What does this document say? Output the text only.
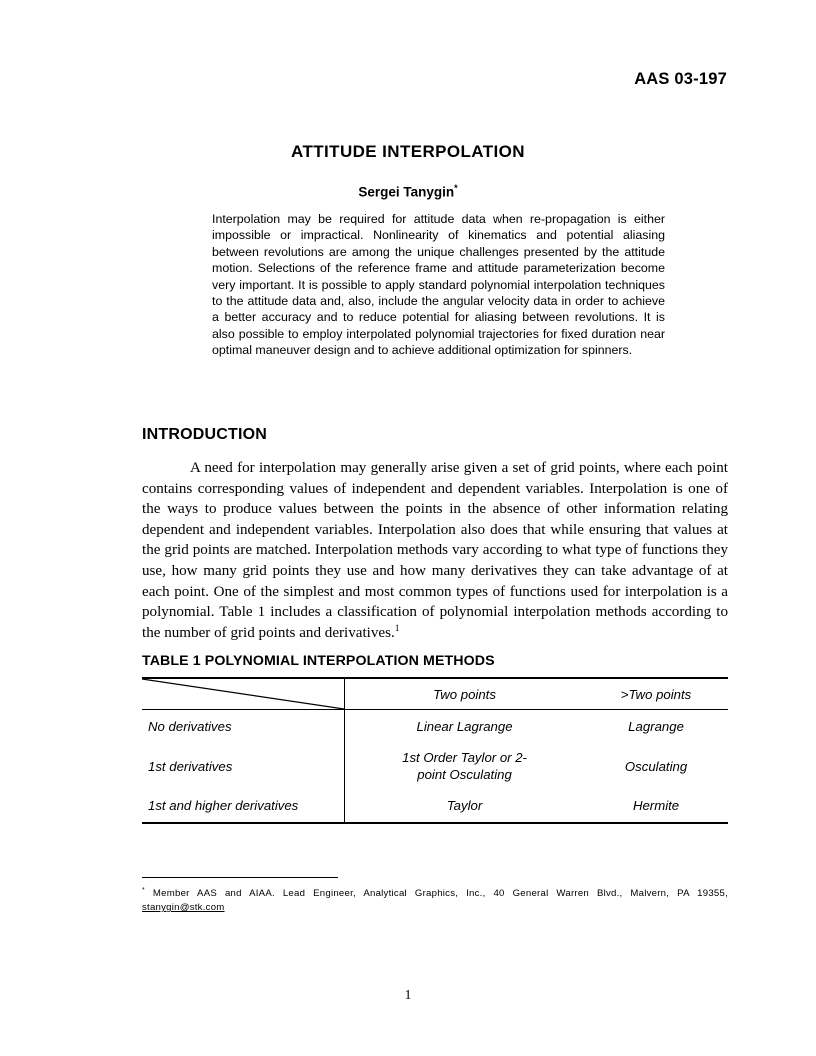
AAS 03-197
ATTITUDE INTERPOLATION
Sergei Tanygin*
Interpolation may be required for attitude data when re-propagation is either impossible or impractical. Nonlinearity of kinematics and potential aliasing between revolutions are among the unique challenges presented by the attitude motion. Selections of the reference frame and attitude parameterization become very important. It is possible to apply standard polynomial interpolation techniques to the attitude data and, also, include the angular velocity data in order to achieve a better accuracy and to reduce potential for aliasing between revolutions. It is also possible to employ interpolated polynomial trajectories for fixed duration near optimal maneuver design and to achieve additional optimization for spinners.
INTRODUCTION
A need for interpolation may generally arise given a set of grid points, where each point contains corresponding values of independent and dependent variables. Interpolation is one of the ways to produce values between the points in the absence of other information relating dependent and independent variables. Interpolation also does that while ensuring that values at the grid points are matched. Interpolation methods vary according to what type of functions they use, how many grid points they use and how many derivatives they can take advantage of at each point. One of the simplest and most common types of functions used for interpolation is a polynomial. Table 1 includes a classification of polynomial interpolation methods according to the number of grid points and derivatives.$^1$
TABLE 1 POLYNOMIAL INTERPOLATION METHODS
	Two points	>Two points
No derivatives	Linear Lagrange	Lagrange
1st derivatives	1st Order Taylor or 2-
point Osculating	Osculating
1st and higher derivatives	Taylor	Hermite
* Member AAS and AIAA. Lead Engineer, Analytical Graphics, Inc., 40 General Warren Blvd., Malvern, PA 19355, stanygin@stk.com
1
